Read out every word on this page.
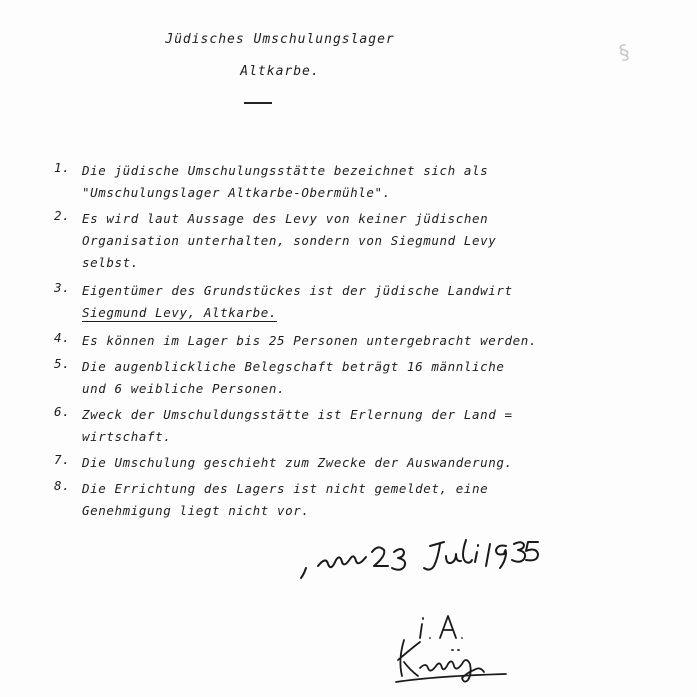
Jüdisches Umschulungslager
Altkarbe.
§
1. Die jüdische Umschulungsstätte bezeichnet sich als
"Umschulungslager Altkarbe-Obermühle".
2. Es wird laut Aussage des Levy von keiner jüdischen
Organisation unterhalten, sondern von Siegmund Levy
selbst.
3. Eigentümer des Grundstückes ist der jüdische Landwirt
Siegmund Levy, Altkarbe.
4. Es können im Lager bis 25 Personen untergebracht werden.
5. Die augenblickliche Belegschaft beträgt 16 männliche
und 6 weibliche Personen.
6. Zweck der Umschuldungsstätte ist Erlernung der Land =
wirtschaft.
7. Die Umschulung geschieht zum Zwecke der Auswanderung.
8. Die Errichtung des Lagers ist nicht gemeldet, eine
Genehmigung liegt nicht vor.
